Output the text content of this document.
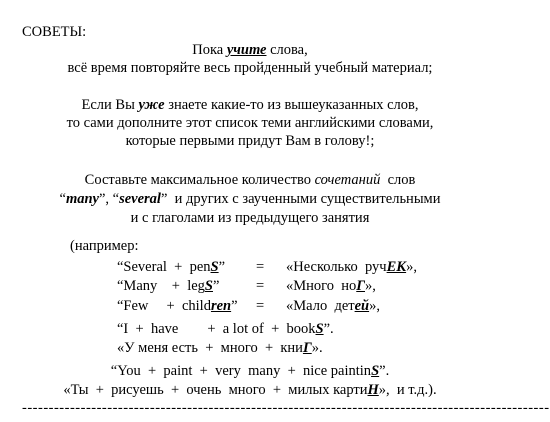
СОВЕТЫ:
Пока учите слова,
всё время повторяйте весь пройденный учебный материал;
Если Вы уже знаете какие-то из вышеуказанных слов,
то сами дополните этот список теми английскими словами,
которые первыми придут Вам в голову!;
Составьте максимальное количество сочетаний  слов
“many”, “several”  и других с заученными существительными
и с глаголами из предыдущего занятия
(например:
“Several  +  penS” = «Несколько  ручЕК»,
“Many    +  legS”	= «Много  ноГ»,
“Few     +  children” = «Мало  детей»,
“I  +  have        +  a lot of  +  bookS”.
«У меня есть  +  много  +  книГ».
“You  +  paint  +  very  many  +  nice paintinS”.
«Ты  +  рисуешь  +  очень  много  +  милых картиН»,  и т.д.).
---------------------------------------------------------------------------------------------------
